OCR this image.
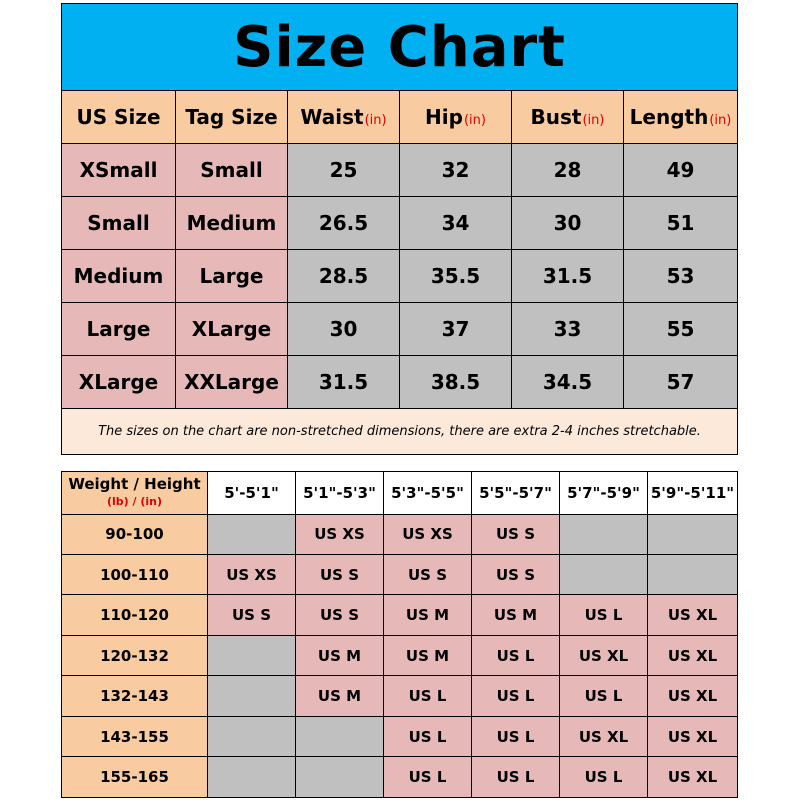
Size Chart					
US Size	Tag Size	Waist(in)	Hip(in)	Bust(in)	Length(in)
XSmall	Small	25	32	28	49
Small	Medium	26.5	34	30	51
Medium	Large	28.5	35.5	31.5	53
Large	XLarge	30	37	33	55
XLarge	XXLarge	31.5	38.5	34.5	57
The sizes on the chart are non-stretched dimensions, there are extra 2-4 inches stretchable.					
Weight / Height
(lb) / (in)	5'-5'1"	5'1"-5'3"	5'3"-5'5"	5'5"-5'7"	5'7"-5'9"	5'9"-5'11"
90-100		US XS	US XS	US S		
100-110	US XS	US S	US S	US S		
110-120	US S	US S	US M	US M	US L	US XL
120-132		US M	US M	US L	US XL	US XL
132-143		US M	US L	US L	US L	US XL
143-155			US L	US L	US XL	US XL
155-165			US L	US L	US L	US XL
